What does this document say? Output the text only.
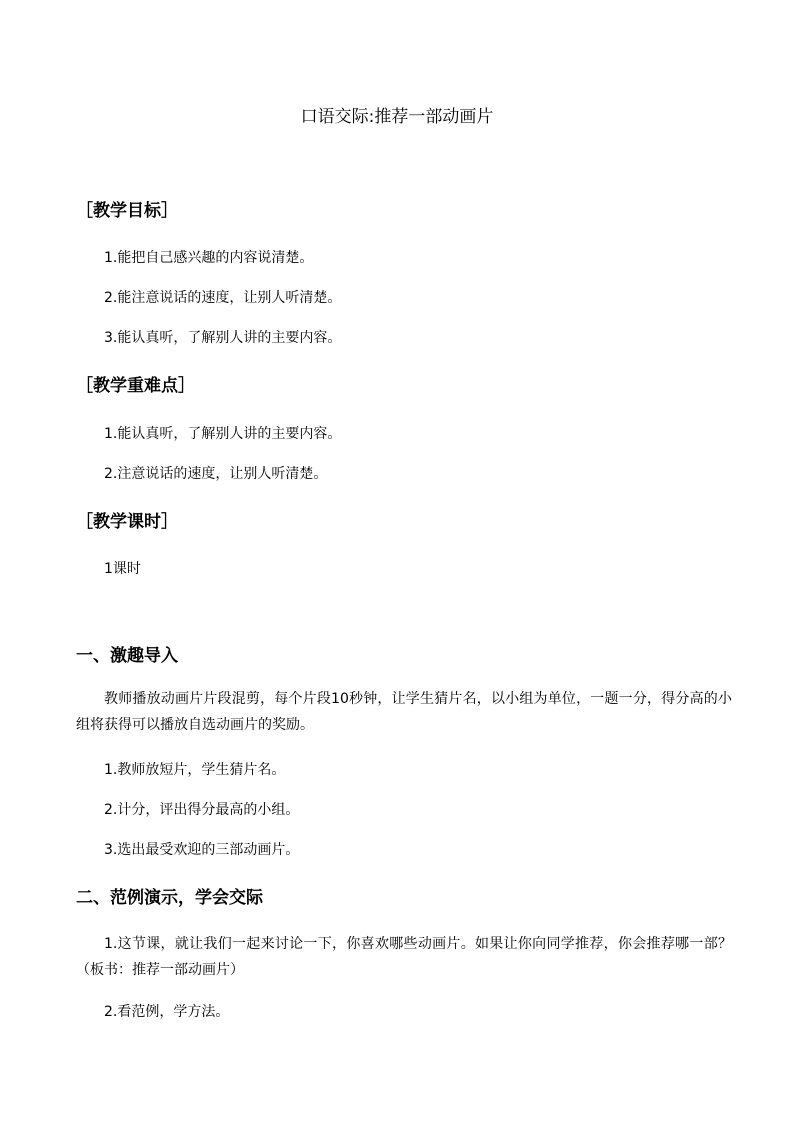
口语交际:推荐一部动画片
［教学目标］
1.能把自己感兴趣的内容说清楚。
2.能注意说话的速度，让别人听清楚。
3.能认真听，了解别人讲的主要内容。
［教学重难点］
1.能认真听，了解别人讲的主要内容。
2.注意说话的速度，让别人听清楚。
［教学课时］
1课时
一、激趣导入
教师播放动画片片段混剪，每个片段10秒钟，让学生猜片名，以小组为单位，一题一分，得分高的小组将获得可以播放自选动画片的奖励。
1.教师放短片，学生猜片名。
2.计分，评出得分最高的小组。
3.选出最受欢迎的三部动画片。
二、范例演示，学会交际
1.这节课，就让我们一起来讨论一下，你喜欢哪些动画片。如果让你向同学推荐，你会推荐哪一部？（板书：推荐一部动画片）
2.看范例，学方法。
